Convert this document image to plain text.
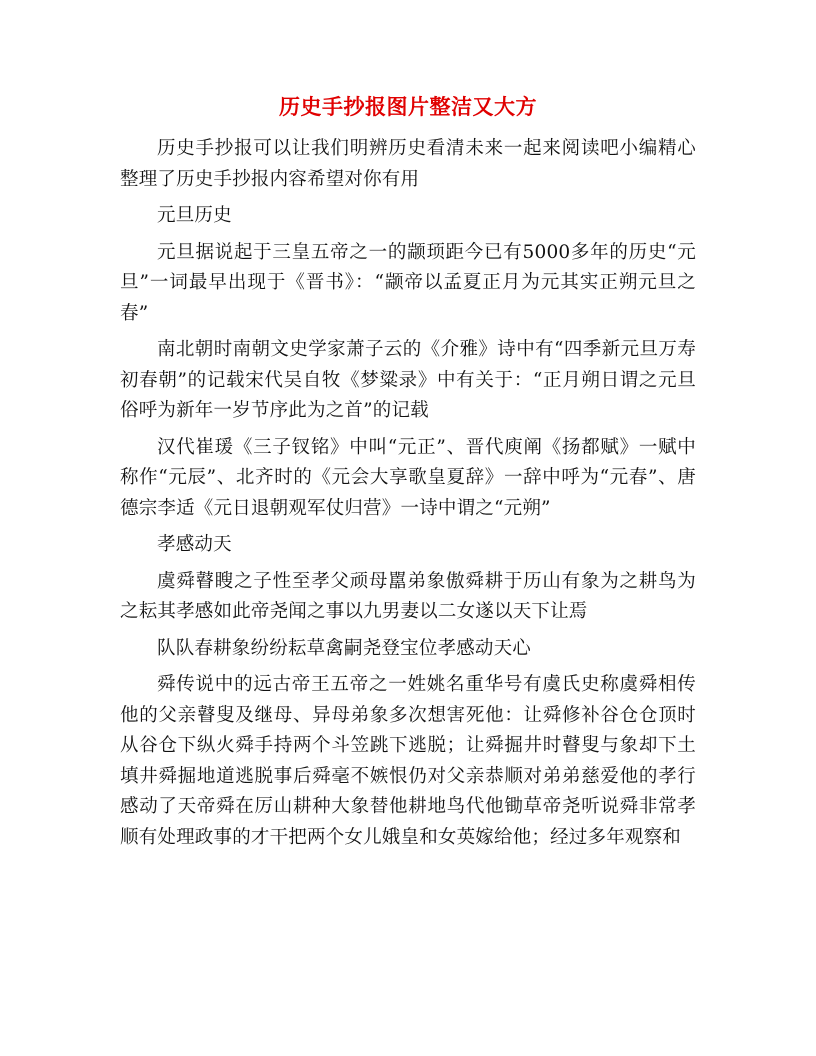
历史手抄报图片整洁又大方

历史手抄报可以让我们明辨历史看清未来一起来阅读吧小编精心整理了历史手抄报内容希望对你有用

元旦历史

元旦据说起于三皇五帝之一的颛顼距今已有5000多年的历史“元旦”一词最早出现于《晋书》：“颛帝以孟夏正月为元其实正朔元旦之春”

南北朝时南朝文史学家萧子云的《介雅》诗中有“四季新元旦万寿初春朝”的记载宋代吴自牧《梦粱录》中有关于：“正月朔日谓之元旦俗呼为新年一岁节序此为之首”的记载

汉代崔瑗《三子钗铭》中叫“元正”、晋代庾阐《扬都赋》一赋中称作“元辰”、北齐时的《元会大享歌皇夏辞》一辞中呼为“元春”、唐德宗李适《元日退朝观军仗归营》一诗中谓之“元朔”

孝感动天

虞舜瞽瞍之子性至孝父顽母嚚弟象傲舜耕于历山有象为之耕鸟为之耘其孝感如此帝尧闻之事以九男妻以二女遂以天下让焉

队队春耕象纷纷耘草禽嗣尧登宝位孝感动天心

舜传说中的远古帝王五帝之一姓姚名重华号有虞氏史称虞舜相传他的父亲瞽叟及继母、异母弟象多次想害死他：让舜修补谷仓仓顶时从谷仓下纵火舜手持两个斗笠跳下逃脱；让舜掘井时瞽叟与象却下土填井舜掘地道逃脱事后舜毫不嫉恨仍对父亲恭顺对弟弟慈爱他的孝行感动了天帝舜在厉山耕种大象替他耕地鸟代他锄草帝尧听说舜非常孝顺有处理政事的才干把两个女儿娥皇和女英嫁给他；经过多年观察和
